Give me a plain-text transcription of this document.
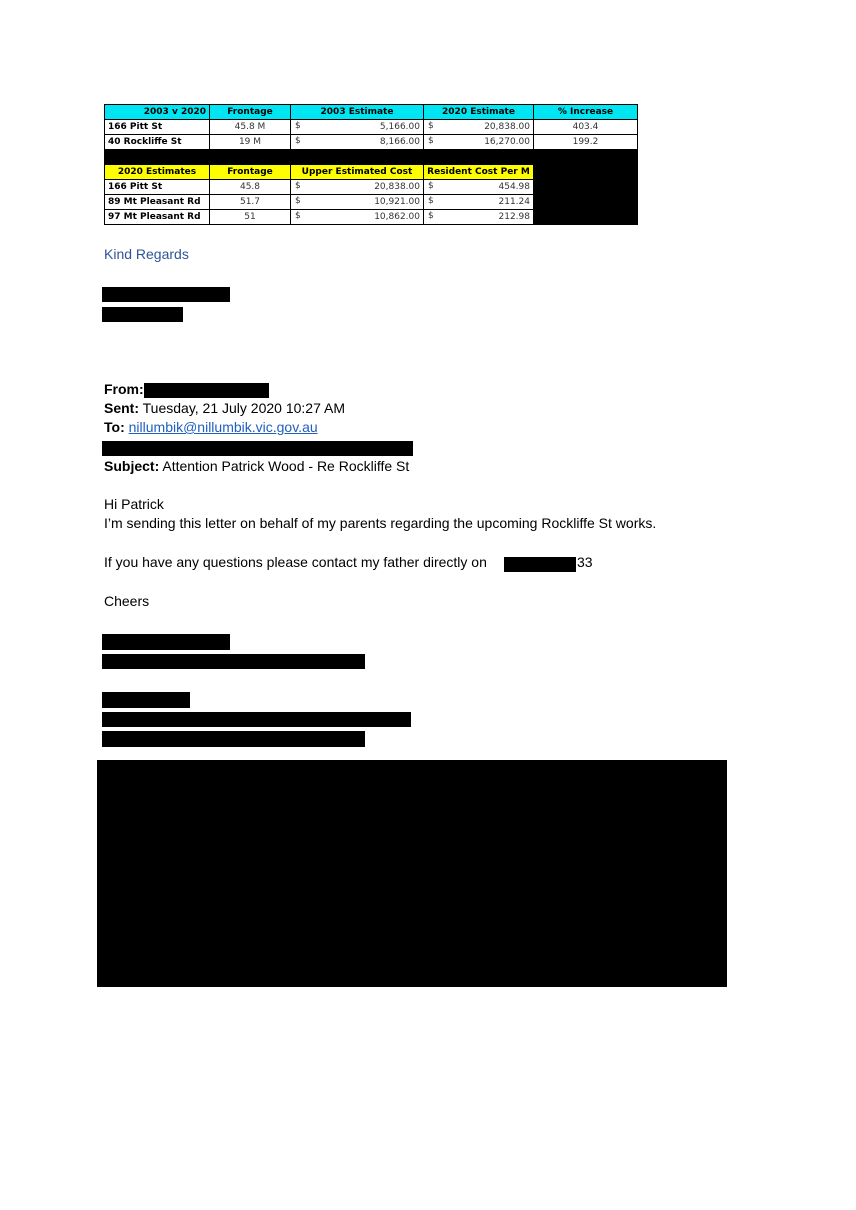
2003 v 2020	Frontage	2003 Estimate	2020 Estimate	% Increase
166 Pitt St	45.8 M	$ 5,166.00	$ 20,838.00	403.4
40 Rockliffe St	19 M	$ 8,166.00	$ 16,270.00	199.2

2020 Estimates	Frontage	Upper Estimated Cost	Resident Cost Per M	
166 Pitt St	45.8	$ 20,838.00	$ 454.98	
89 Mt Pleasant Rd	51.7	$ 10,921.00	$ 211.24	
97 Mt Pleasant Rd	51	$ 10,862.00	$ 212.98	
Kind Regards
From:
Sent: Tuesday, 21 July 2020 10:27 AM
To: nillumbik@nillumbik.vic.gov.au
Subject: Attention Patrick Wood - Re Rockliffe St
Hi Patrick
I’m sending this letter on behalf of my parents regarding the upcoming Rockliffe St works.
If you have any questions please contact my father directly on	33
Cheers
